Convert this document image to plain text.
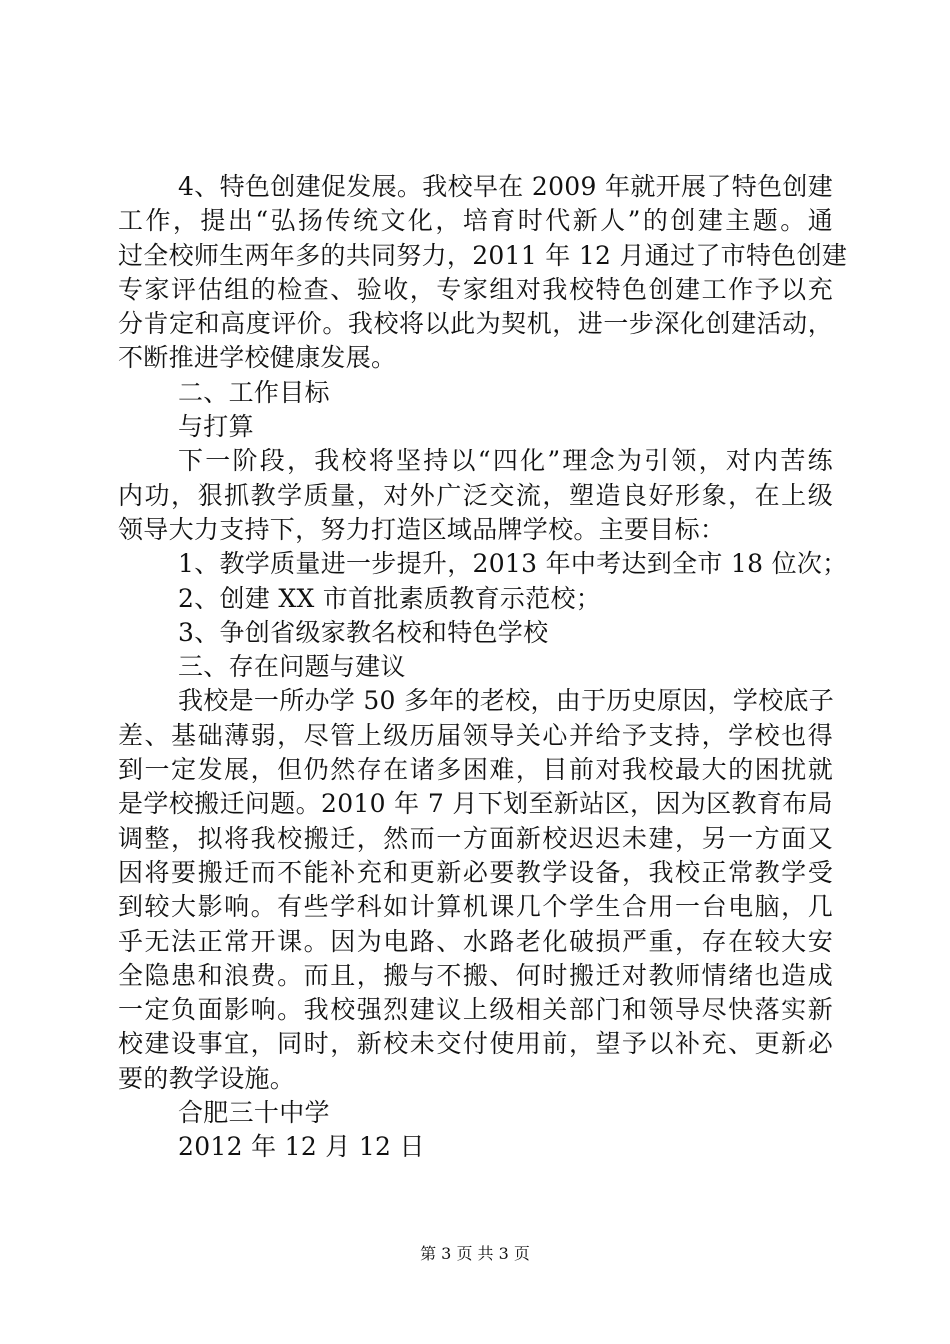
4、特色创建促发展。我校早在 2009 年就开展了特色创建
工作，提出“弘扬传统文化，培育时代新人”的创建主题。通
过全校师生两年多的共同努力，2011 年 12 月通过了市特色创建
专家评估组的检查、验收，专家组对我校特色创建工作予以充
分肯定和高度评价。我校将以此为契机，进一步深化创建活动，
不断推进学校健康发展。
二、工作目标
与打算
下一阶段，我校将坚持以“四化”理念为引领，对内苦练
内功，狠抓教学质量，对外广泛交流，塑造良好形象，在上级
领导大力支持下，努力打造区域品牌学校。主要目标：
1、教学质量进一步提升，2013 年中考达到全市 18 位次；
2、创建 XX 市首批素质教育示范校；
3、争创省级家教名校和特色学校
三、存在问题与建议
我校是一所办学 50 多年的老校，由于历史原因，学校底子
差、基础薄弱，尽管上级历届领导关心并给予支持，学校也得
到一定发展，但仍然存在诸多困难，目前对我校最大的困扰就
是学校搬迁问题。2010 年 7 月下划至新站区，因为区教育布局
调整，拟将我校搬迁，然而一方面新校迟迟未建，另一方面又
因将要搬迁而不能补充和更新必要教学设备，我校正常教学受
到较大影响。有些学科如计算机课几个学生合用一台电脑，几
乎无法正常开课。因为电路、水路老化破损严重，存在较大安
全隐患和浪费。而且，搬与不搬、何时搬迁对教师情绪也造成
一定负面影响。我校强烈建议上级相关部门和领导尽快落实新
校建设事宜，同时，新校未交付使用前，望予以补充、更新必
要的教学设施。
合肥三十中学
2012 年 12 月 12 日
第 3 页 共 3 页
